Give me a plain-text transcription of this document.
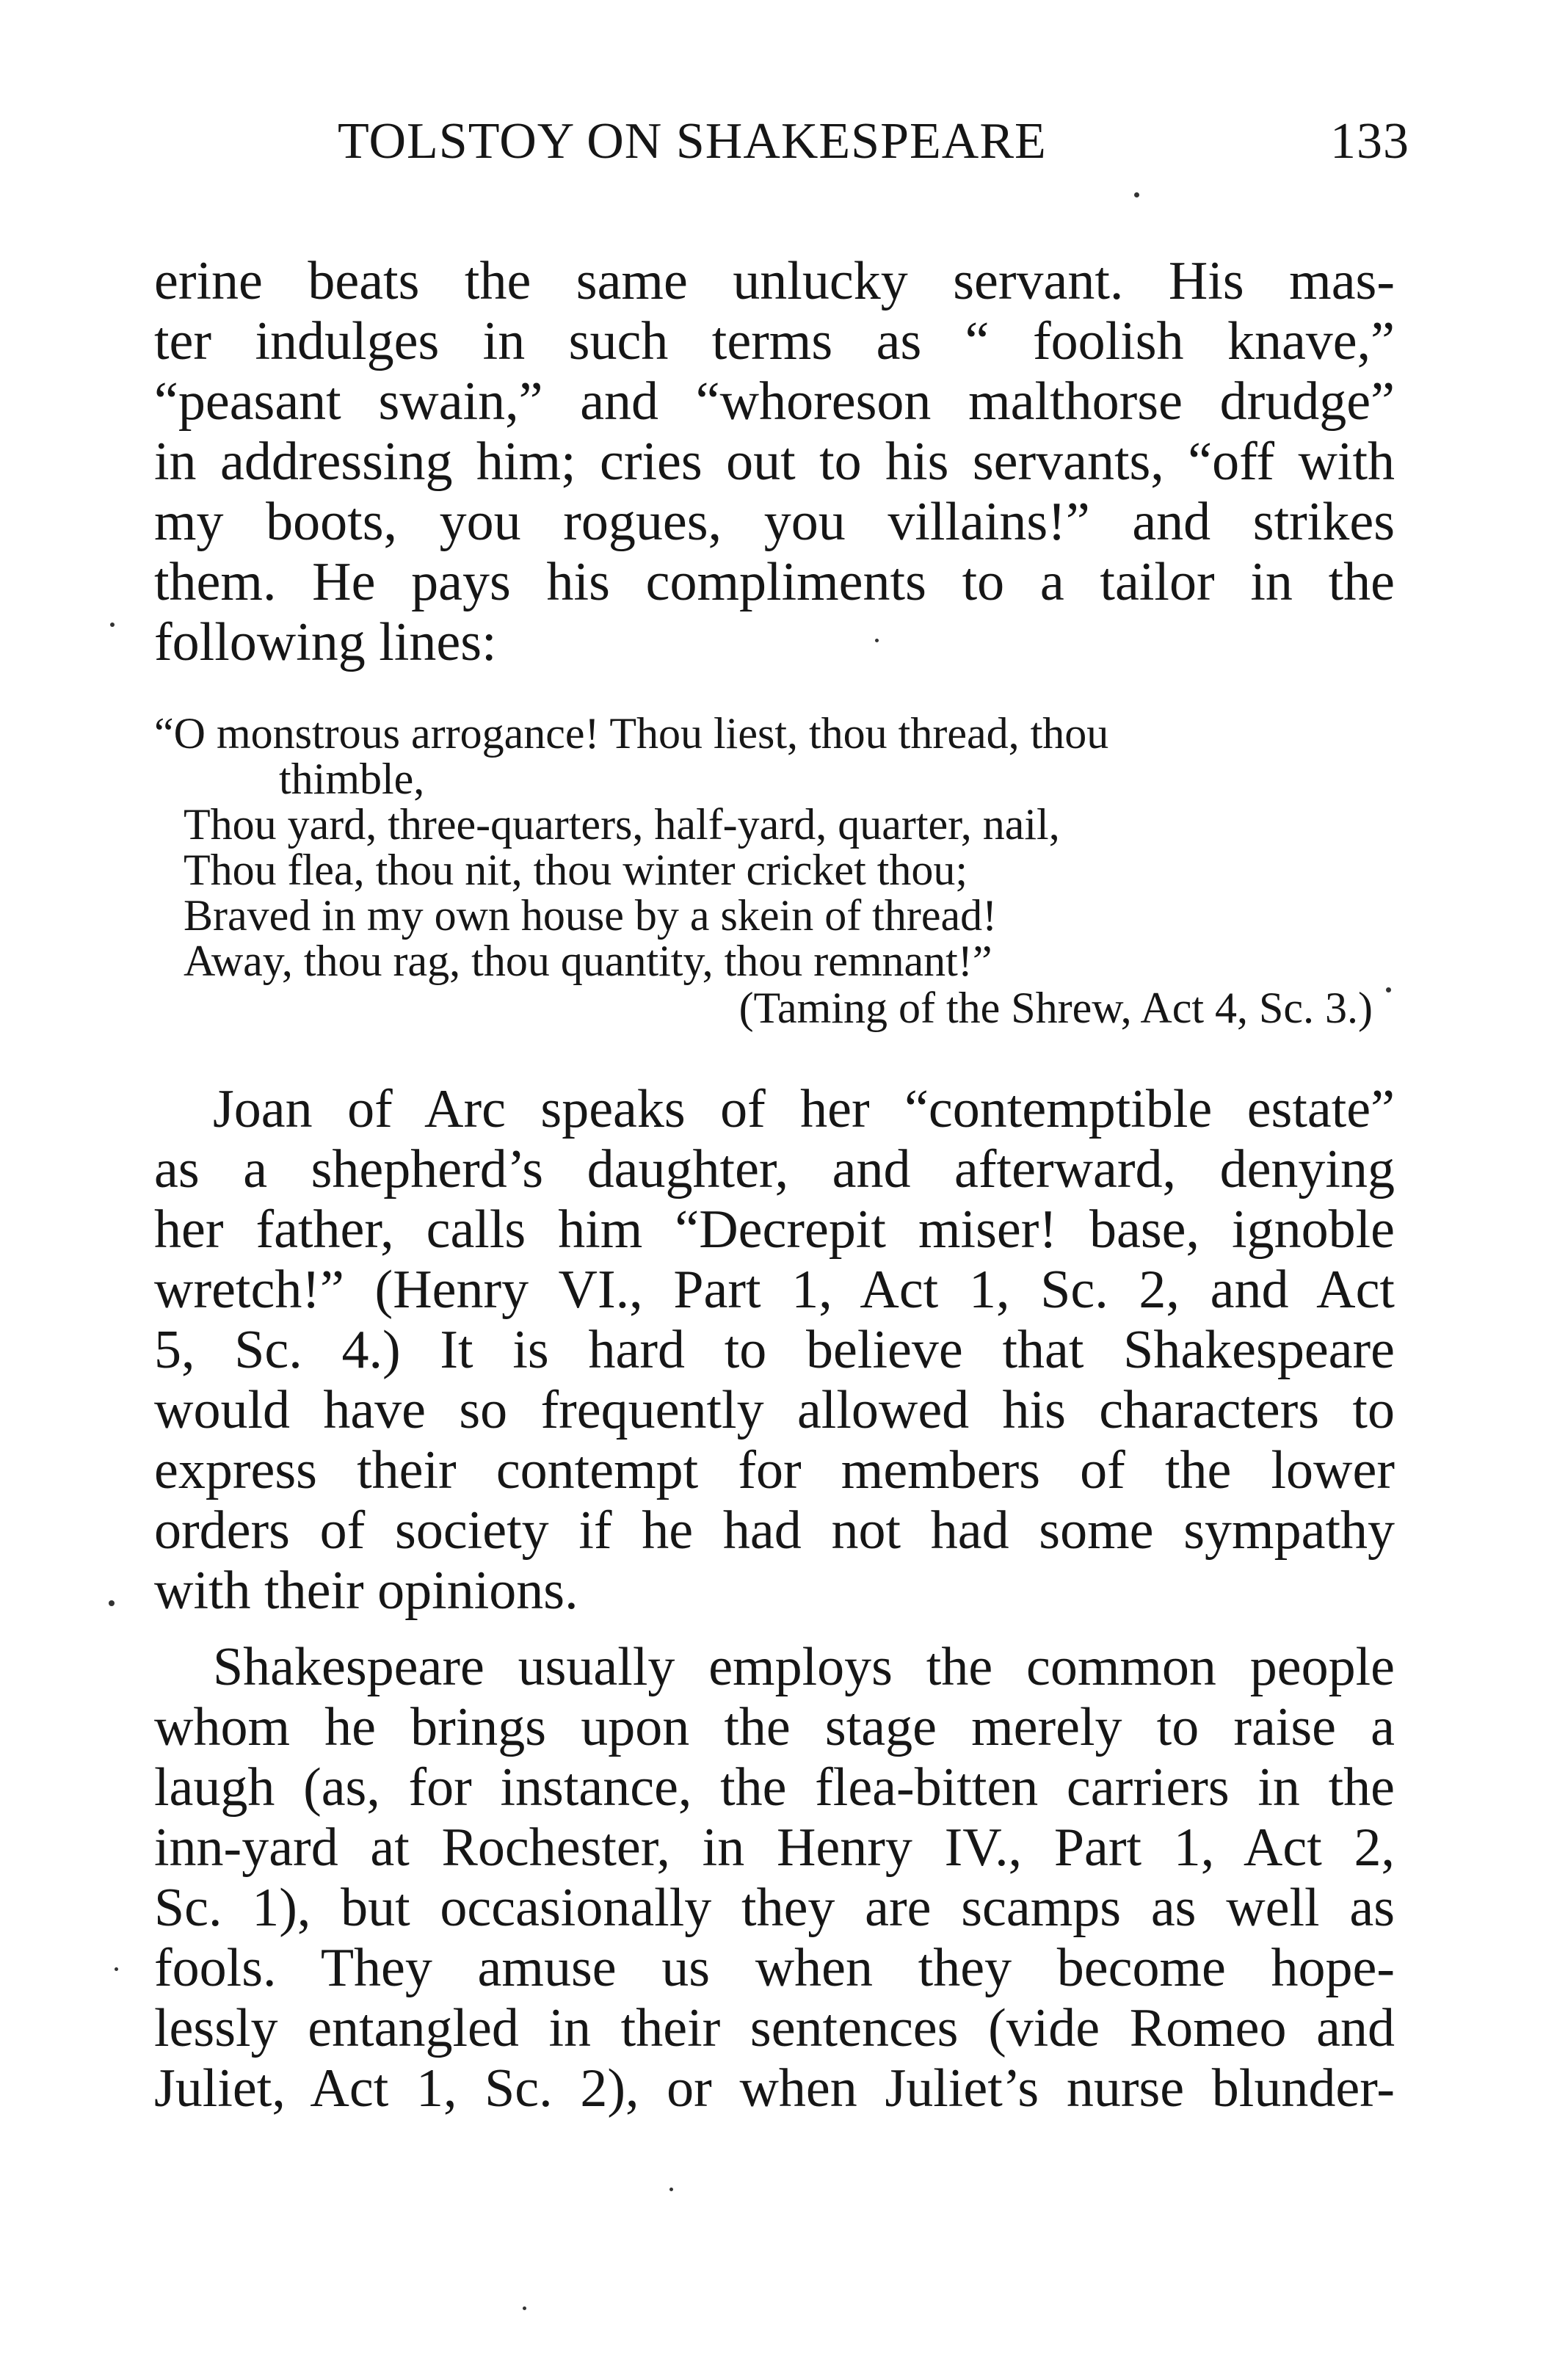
TOLSTOY ON SHAKESPEARE	133
erine beats the same unlucky servant. His mas-
ter indulges in such terms as “ foolish knave,”
“peasant swain,” and “whoreson malthorse drudge”
in addressing him; cries out to his servants, “off with
my boots, you rogues, you villains!” and strikes
them. He pays his compliments to a tailor in the
following lines:
“O monstrous arrogance! Thou liest, thou thread, thou
thimble,
Thou yard, three-quarters, half-yard, quarter, nail,
Thou flea, thou nit, thou winter cricket thou;
Braved in my own house by a skein of thread!
Away, thou rag, thou quantity, thou remnant!”
(Taming of the Shrew, Act 4, Sc. 3.)
Joan of Arc speaks of her “contemptible estate”
as a shepherd’s daughter, and afterward, denying
her father, calls him “Decrepit miser! base, ignoble
wretch!” (Henry VI., Part 1, Act 1, Sc. 2, and Act
5, Sc. 4.) It is hard to believe that Shakespeare
would have so frequently allowed his characters to
express their contempt for members of the lower
orders of society if he had not had some sympathy
with their opinions.
Shakespeare usually employs the common people
whom he brings upon the stage merely to raise a
laugh (as, for instance, the flea-bitten carriers in the
inn-yard at Rochester, in Henry IV., Part 1, Act 2,
Sc. 1), but occasionally they are scamps as well as
fools. They amuse us when they become hope-
lessly entangled in their sentences (vide Romeo and
Juliet, Act 1, Sc. 2), or when Juliet’s nurse blunder-
